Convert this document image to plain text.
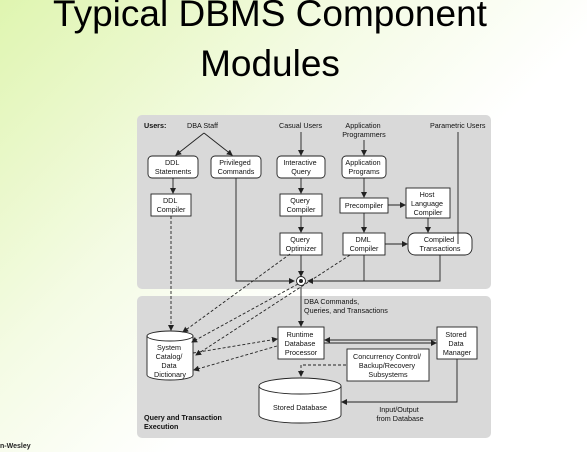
Typical DBMS Component
Modules
Users:	DBA Staff	Casual Users	Application Programmers
Parametric Users
DDL Statements
Privileged Commands
Interactive Query
Application Programs
DDL Compiler
Query Compiler	Precompiler
Host Language Compiler
Query Optimizer
DML Compiler
Compiled Transactions
DBA Commands, Queries, and Transactions
System Catalog/ Data Dictionary
Runtime Database Processor
Stored Data Manager
Concurrency Control/ Backup/Recovery Subsystems
Stored Database	Input/Output from Database
Query and Transaction Execution
n-Wesley
